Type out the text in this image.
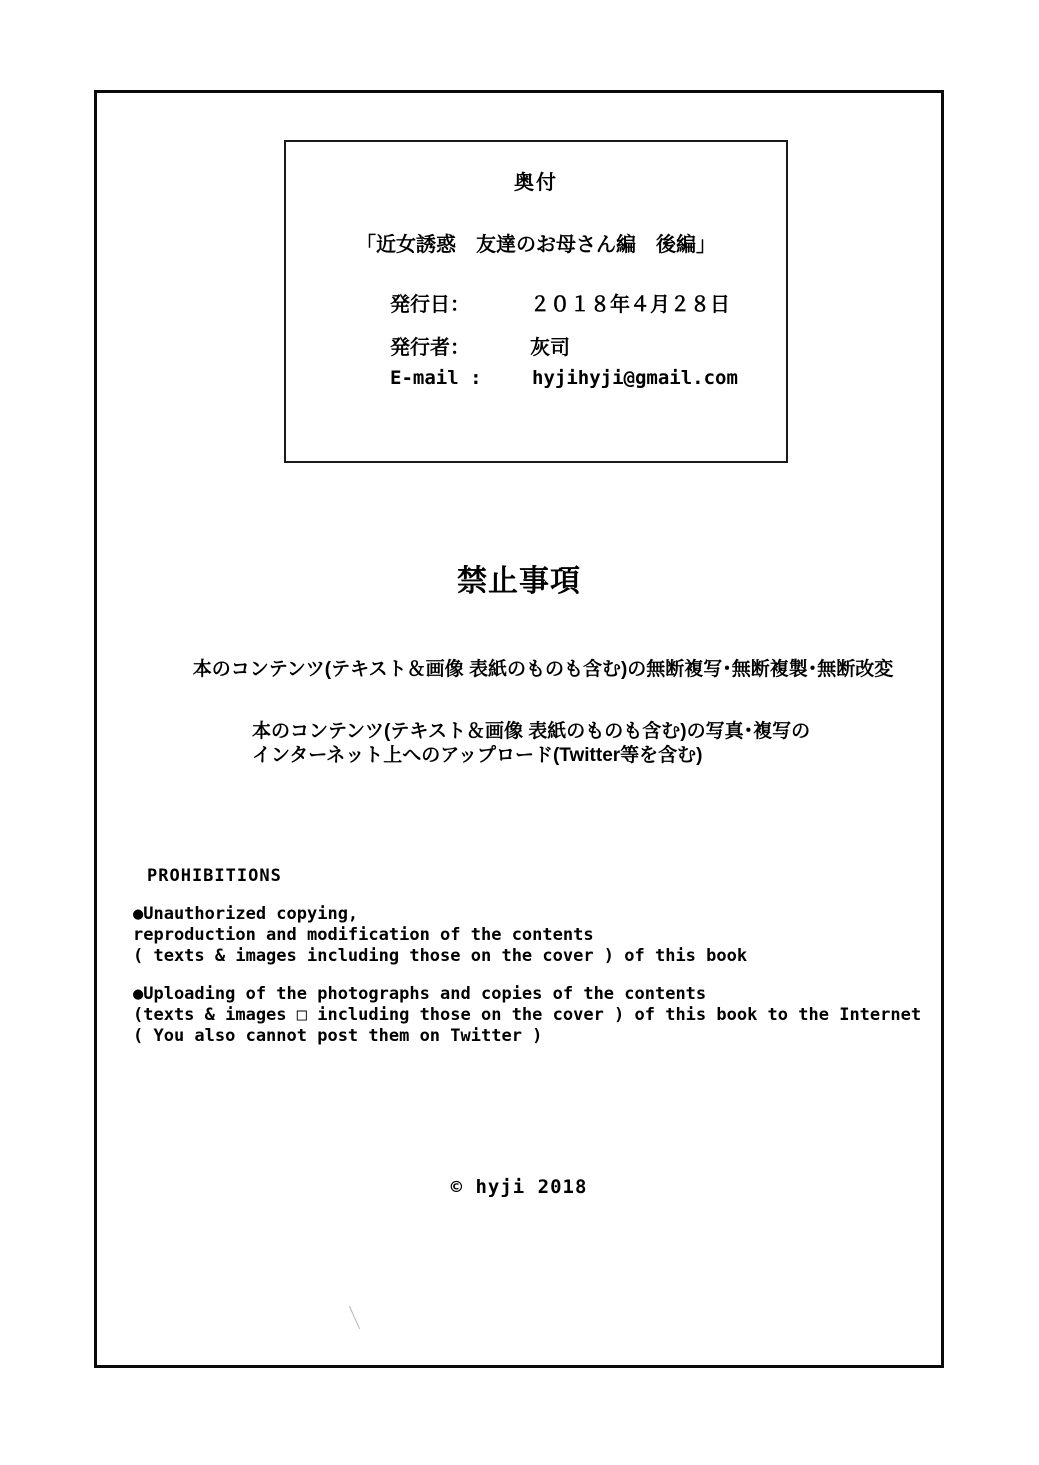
奥付
「近女誘惑　友達のお母さん編　後編」
発行日：	２０１８年４月２８日
発行者：	灰司
E-mail :	hyjihyji@gmail.com
禁止事項
本のコンテンツ(テキスト＆画像 表紙のものも含む)の無断複写･無断複製･無断改変
本のコンテンツ(テキスト＆画像 表紙のものも含む)の写真･複写の
インターネット上へのアップロード(Twitter等を含む)
PROHIBITIONS
●Unauthorized copying,
reproduction and modification of the contents
( texts & images including those on the cover ) of this book
●Uploading of the photographs and copies of the contents
(texts & images □ including those on the cover ) of this book to the Internet
( You also cannot post them on Twitter )
© hyji 2018
